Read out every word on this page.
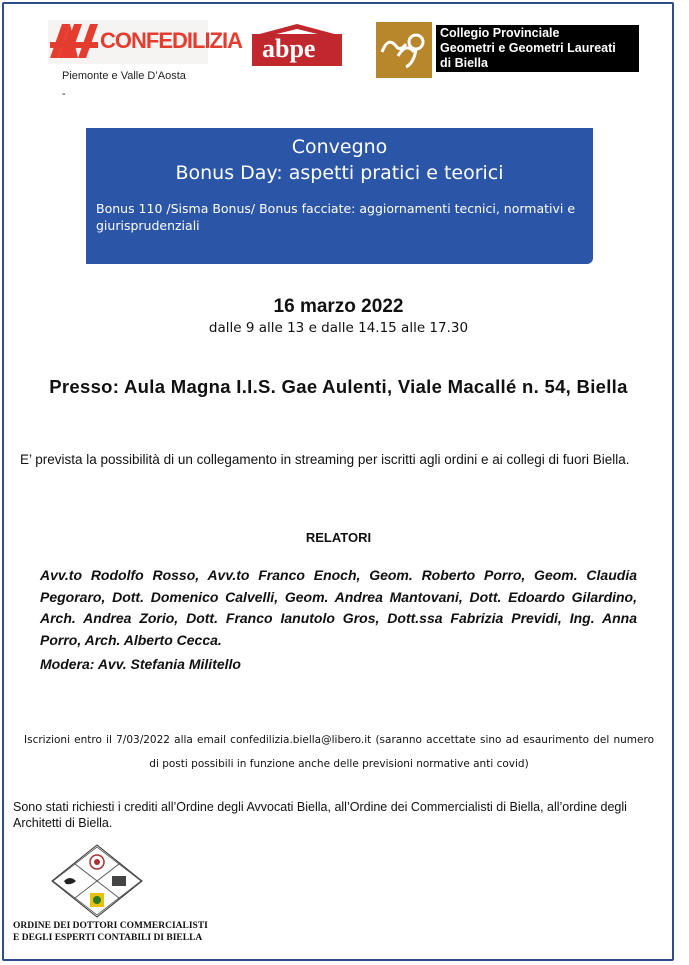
CONFEDILIZIA
Piemonte e Valle D’Aosta
-
abpe
Collegio Provinciale
Geometri e Geometri Laureati
di Biella
Convegno
Bonus Day: aspetti pratici e teorici
Bonus 110 /Sisma Bonus/ Bonus facciate: aggiornamenti tecnici, normativi e giurisprudenziali
16 marzo 2022
dalle 9 alle 13 e dalle 14.15 alle 17.30
Presso: Aula Magna I.I.S. Gae Aulenti, Viale Macallé n. 54, Biella
E’ prevista la possibilità di un collegamento in streaming per iscritti agli ordini e ai collegi di fuori Biella.
RELATORI
Avv.to Rodolfo Rosso, Avv.to Franco Enoch, Geom. Roberto Porro, Geom. Claudia Pegoraro, Dott. Domenico Calvelli, Geom. Andrea Mantovani, Dott. Edoardo Gilardino, Arch. Andrea Zorio, Dott. Franco Ianutolo Gros, Dott.ssa Fabrizia Previdi, Ing. Anna Porro, Arch. Alberto Cecca.
Modera: Avv. Stefania Militello
Iscrizioni entro il 7/03/2022 alla email confedilizia.biella@libero.it (saranno accettate sino ad esaurimento del numero di posti possibili in funzione anche delle previsioni normative anti covid)
Sono stati richiesti i crediti all’Ordine degli Avvocati Biella, all’Ordine dei Commercialisti di Biella, all’ordine degli Architetti di Biella.
ORDINE DEI DOTTORI COMMERCIALISTI
E DEGLI ESPERTI CONTABILI DI BIELLA
